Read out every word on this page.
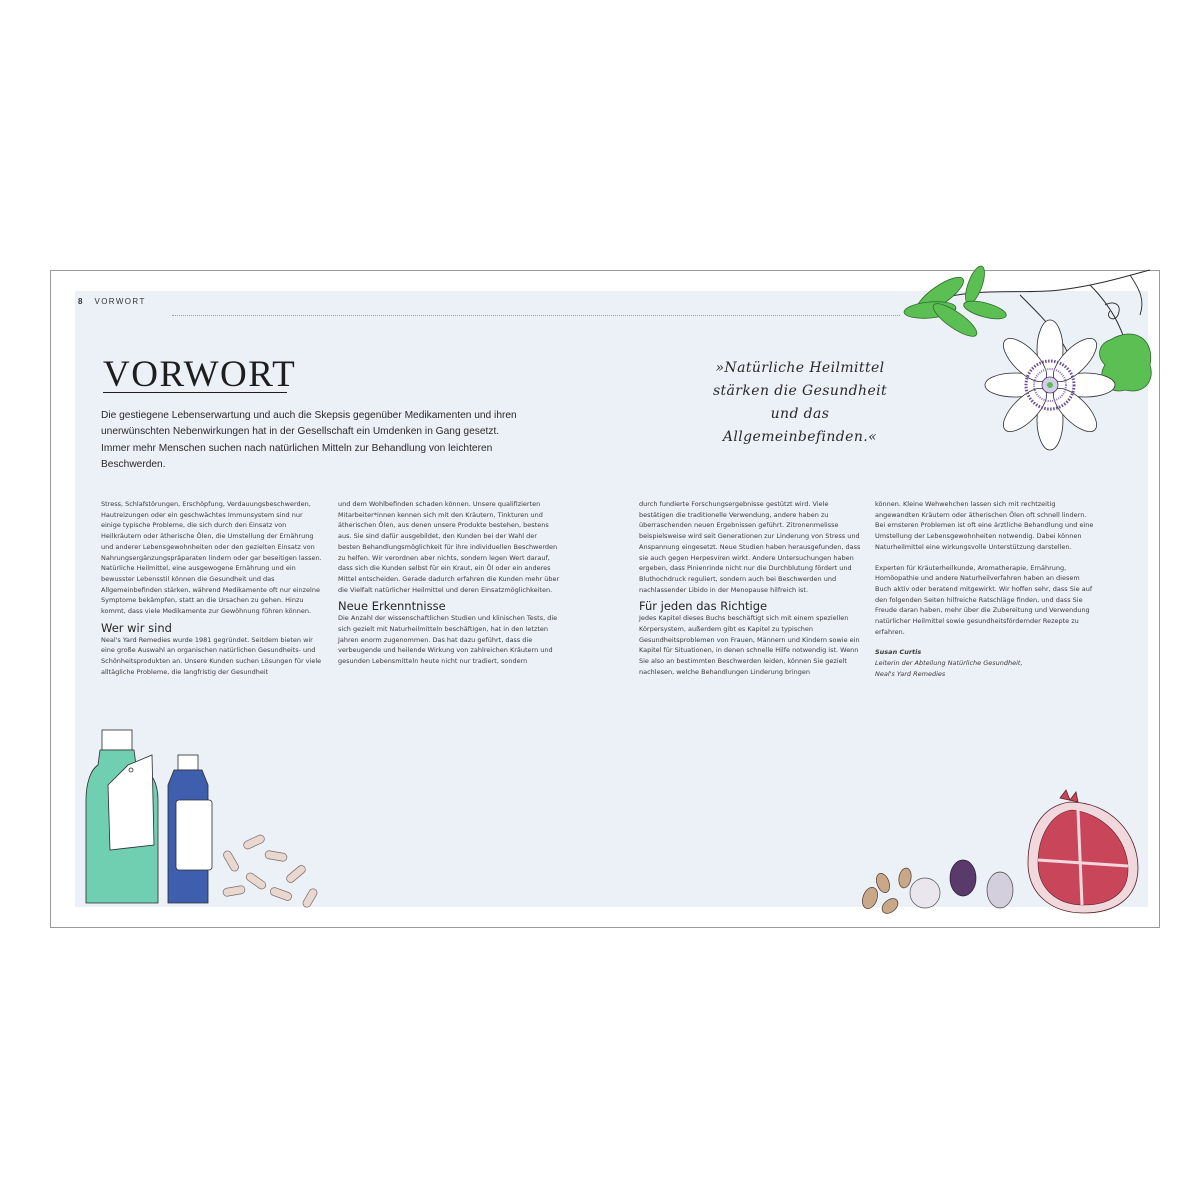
8 VORWORT
VORWORT

Die gestiegene Lebenserwartung und auch die Skepsis gegenüber Medikamenten und ihren unerwünschten Nebenwirkungen hat in der Gesellschaft ein Umdenken in Gang gesetzt. Immer mehr Menschen suchen nach natürlichen Mitteln zur Behandlung von leichteren Beschwerden.

»Natürliche Heilmittel stärken die Gesundheit und das Allgemeinbefinden.«

Stress, Schlafstörungen, Erschöpfung, Verdauungsbeschwerden, Hautreizungen oder ein geschwächtes Immunsystem sind nur einige typische Probleme, die sich durch den Einsatz von Heilkräutern oder ätherische Ölen, die Umstellung der Ernährung und anderer Lebensgewohnheiten oder den gezielten Einsatz von Nahrungsergänzungspräparaten lindern oder gar beseitigen lassen. Natürliche Heilmittel, eine ausgewogene Ernährung und ein bewusster Lebensstil können die Gesundheit und das Allgemeinbefinden stärken, während Medikamente oft nur einzelne Symptome bekämpfen, statt an die Ursachen zu gehen. Hinzu kommt, dass viele Medikamente zur Gewöhnung führen können.

Wer wir sind

Neal's Yard Remedies wurde 1981 gegründet. Seitdem bieten wir eine große Auswahl an organischen natürlichen Gesundheits- und Schönheitsprodukten an. Unsere Kunden suchen Lösungen für viele alltägliche Probleme, die langfristig der Gesundheit

und dem Wohlbefinden schaden können. Unsere qualifizierten Mitarbeiter*innen kennen sich mit den Kräutern, Tinkturen und ätherischen Ölen, aus denen unsere Produkte bestehen, bestens aus. Sie sind dafür ausgebildet, den Kunden bei der Wahl der besten Behandlungsmöglichkeit für ihre individuellen Beschwerden zu helfen. Wir verordnen aber nichts, sondern legen Wert darauf, dass sich die Kunden selbst für ein Kraut, ein Öl oder ein anderes Mittel entscheiden. Gerade dadurch erfahren die Kunden mehr über die Vielfalt natürlicher Heilmittel und deren Einsatzmöglichkeiten.

Neue Erkenntnisse

Die Anzahl der wissenschaftlichen Studien und klinischen Tests, die sich gezielt mit Naturheilmitteln beschäftigen, hat in den letzten Jahren enorm zugenommen. Das hat dazu geführt, dass die verbeugende und heilende Wirkung von zahlreichen Kräutern und gesunden Lebensmitteln heute nicht nur tradiert, sondern

durch fundierte Forschungsergebnisse gestützt wird. Viele bestätigen die traditionelle Verwendung, andere haben zu überraschenden neuen Ergebnissen geführt. Zitronenmelisse beispielsweise wird seit Generationen zur Linderung von Stress und Anspannung eingesetzt. Neue Studien haben herausgefunden, dass sie auch gegen Herpesviren wirkt. Andere Untersuchungen haben ergeben, dass Pinienrinde nicht nur die Durchblutung fördert und Bluthochdruck reguliert, sondern auch bei Beschwerden und nachlassender Libido in der Menopause hilfreich ist.

Für jeden das Richtige

Jedes Kapitel dieses Buchs beschäftigt sich mit einem speziellen Körpersystem, außerdem gibt es Kapitel zu typischen Gesundheitsproblemen von Frauen, Männern und Kindern sowie ein Kapitel für Situationen, in denen schnelle Hilfe notwendig ist. Wenn Sie also an bestimmten Beschwerden leiden, können Sie gezielt nachlesen, welche Behandlungen Linderung bringen

können. Kleine Wehwehchen lassen sich mit rechtzeitig angewandten Kräutern oder ätherischen Ölen oft schnell lindern. Bei ernsteren Problemen ist oft eine ärztliche Behandlung und eine Umstellung der Lebensgewohnheiten notwendig. Dabei können Naturheilmittel eine wirkungsvolle Unterstützung darstellen.

Experten für Kräuterheilkunde, Aromatherapie, Ernährung, Homöopathie und andere Naturheilverfahren haben an diesem Buch aktiv oder beratend mitgewirkt. Wir hoffen sehr, dass Sie auf den folgenden Seiten hilfreiche Ratschläge finden, und dass Sie Freude daran haben, mehr über die Zubereitung und Verwendung natürlicher Heilmittel sowie gesundheitsfördernder Rezepte zu erfahren.

Susan Curtis

Leiterin der Abteilung Natürliche Gesundheit,

Neal's Yard Remedies
